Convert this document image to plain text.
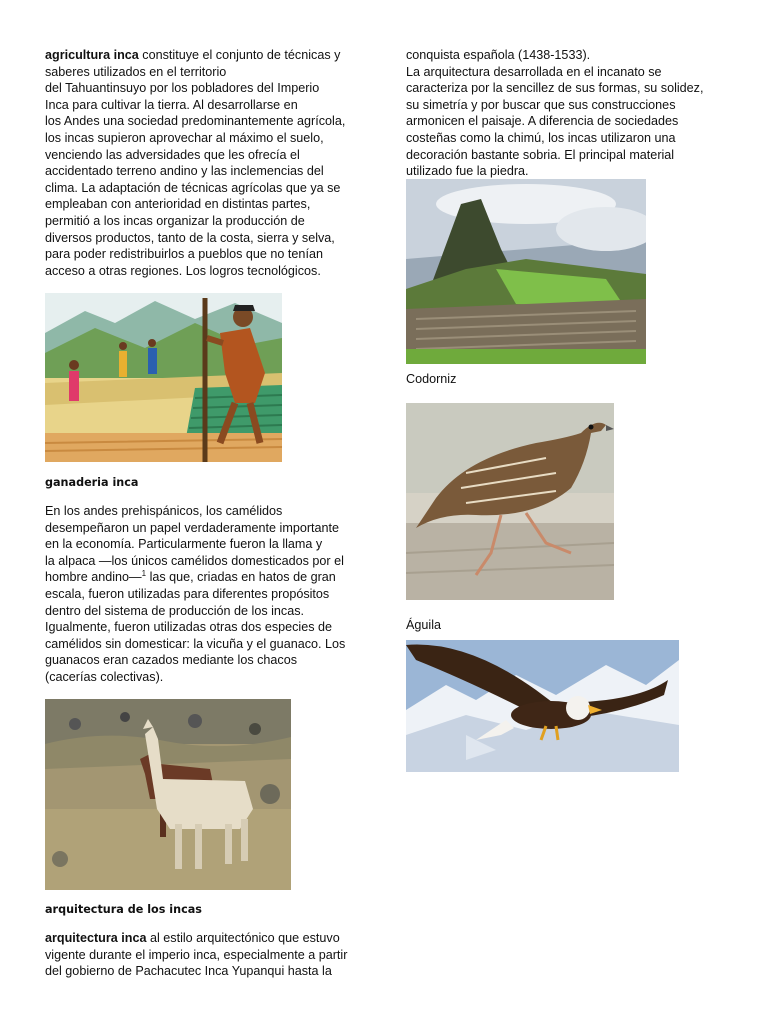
agricultura inca constituye el conjunto de técnicas y
saberes utilizados en el territorio
del Tahuantinsuyo por los pobladores del Imperio
Inca para cultivar la tierra. Al desarrollarse en
los Andes una sociedad predominantemente agrícola,
los incas supieron aprovechar al máximo el suelo,
venciendo las adversidades que les ofrecía el
accidentado terreno andino y las inclemencias del
clima. La adaptación de técnicas agrícolas que ya se
empleaban con anterioridad en distintas partes,
permitió a los incas organizar la producción de
diversos productos, tanto de la costa, sierra y selva,
para poder redistribuirlos a pueblos que no tenían
acceso a otras regiones. Los logros tecnológicos.

ganaderia inca

En los andes prehispánicos, los camélidos
desempeñaron un papel verdaderamente importante
en la economía. Particularmente fueron la llama y
la alpaca —los únicos camélidos domesticados por el
hombre andino—$^1$ las que, criadas en hatos de gran
escala, fueron utilizadas para diferentes propósitos
dentro del sistema de producción de los incas.
Igualmente, fueron utilizadas otras dos especies de
camélidos sin domesticar: la vicuña y el guanaco. Los
guanacos eran cazados mediante los chacos
(cacerías colectivas).

arquitectura de los incas

arquitectura inca al estilo arquitectónico que estuvo
vigente durante el imperio inca, especialmente a partir
del gobierno de Pachacutec Inca Yupanqui hasta la

conquista española (1438-1533).
La arquitectura desarrollada en el incanato se
caracteriza por la sencillez de sus formas, su solidez,
su simetría y por buscar que sus construcciones
armonicen el paisaje. A diferencia de sociedades
costeñas como la chimú, los incas utilizaron una
decoración bastante sobria. El principal material
utilizado fue la piedra.

Codorniz

Águila
